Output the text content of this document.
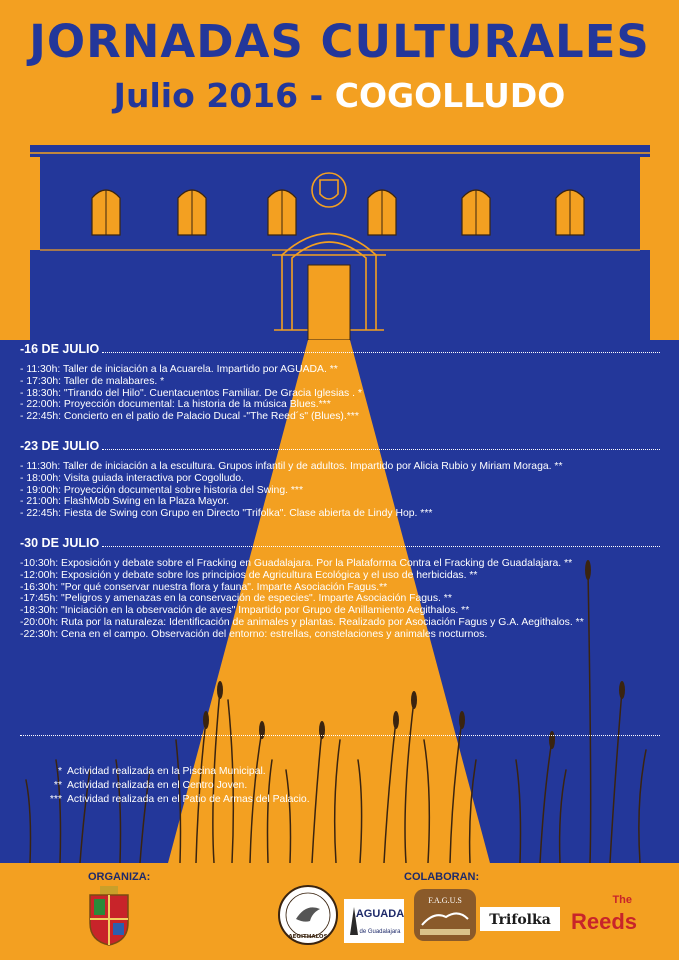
JORNADAS CULTURALES
Julio 2016 - COGOLLUDO
-16 DE JULIO
- 11:30h: Taller de iniciación a la Acuarela. Impartido por AGUADA. **
- 17:30h: Taller de malabares. *
- 18:30h: "Tirando del Hilo". Cuentacuentos Familiar. De Gracia Iglesias . *
- 22:00h: Proyección documental: La historia de la música Blues.***
- 22:45h: Concierto en el patio de Palacio Ducal -"The Reed´s" (Blues).***
-23 DE JULIO
- 11:30h: Taller de iniciación a la escultura. Grupos infantil y de adultos. Impartido por Alicia Rubio y Miriam Moraga. **
- 18:00h: Visita guiada interactiva por Cogolludo.
- 19:00h: Proyección documental sobre historia del Swing. ***
- 21:00h: FlashMob Swing en la Plaza Mayor.
- 22:45h: Fiesta de Swing con Grupo en Directo "Trifolka". Clase abierta de Lindy Hop. ***
-30 DE JULIO
-10:30h: Exposición y debate sobre el Fracking en Guadalajara. Por la Plataforma Contra el Fracking de Guadalajara. **
-12:00h: Exposición y debate sobre los principios de Agricultura Ecológica y el uso de herbicidas. **
-16:30h: "Por qué conservar nuestra flora y fauna". Imparte Asociación Fagus.**
-17:45h: "Peligros y amenazas en la conservación de especies". Imparte Asociación Fagus. **
-18:30h: "Iniciación en la observación de aves" Impartido por Grupo de Anillamiento Aegithalos. **
-20:00h: Ruta por la naturaleza: Identificación de animales y plantas. Realizado por Asociación Fagus y G.A. Aegithalos. **
-22:30h: Cena en el campo. Observación del entorno: estrellas, constelaciones y animales nocturnos.
* Actividad realizada en la Piscina Municipal.
** Actividad realizada en el Centro Joven.
*** Actividad realizada en el Patio de Armas del Palacio.
ORGANIZA:	COLABORAN:
AEGITHALOS
AGUADA
de Guadalajara
F.A.G.U.S
Trifolka
The
Reeds
